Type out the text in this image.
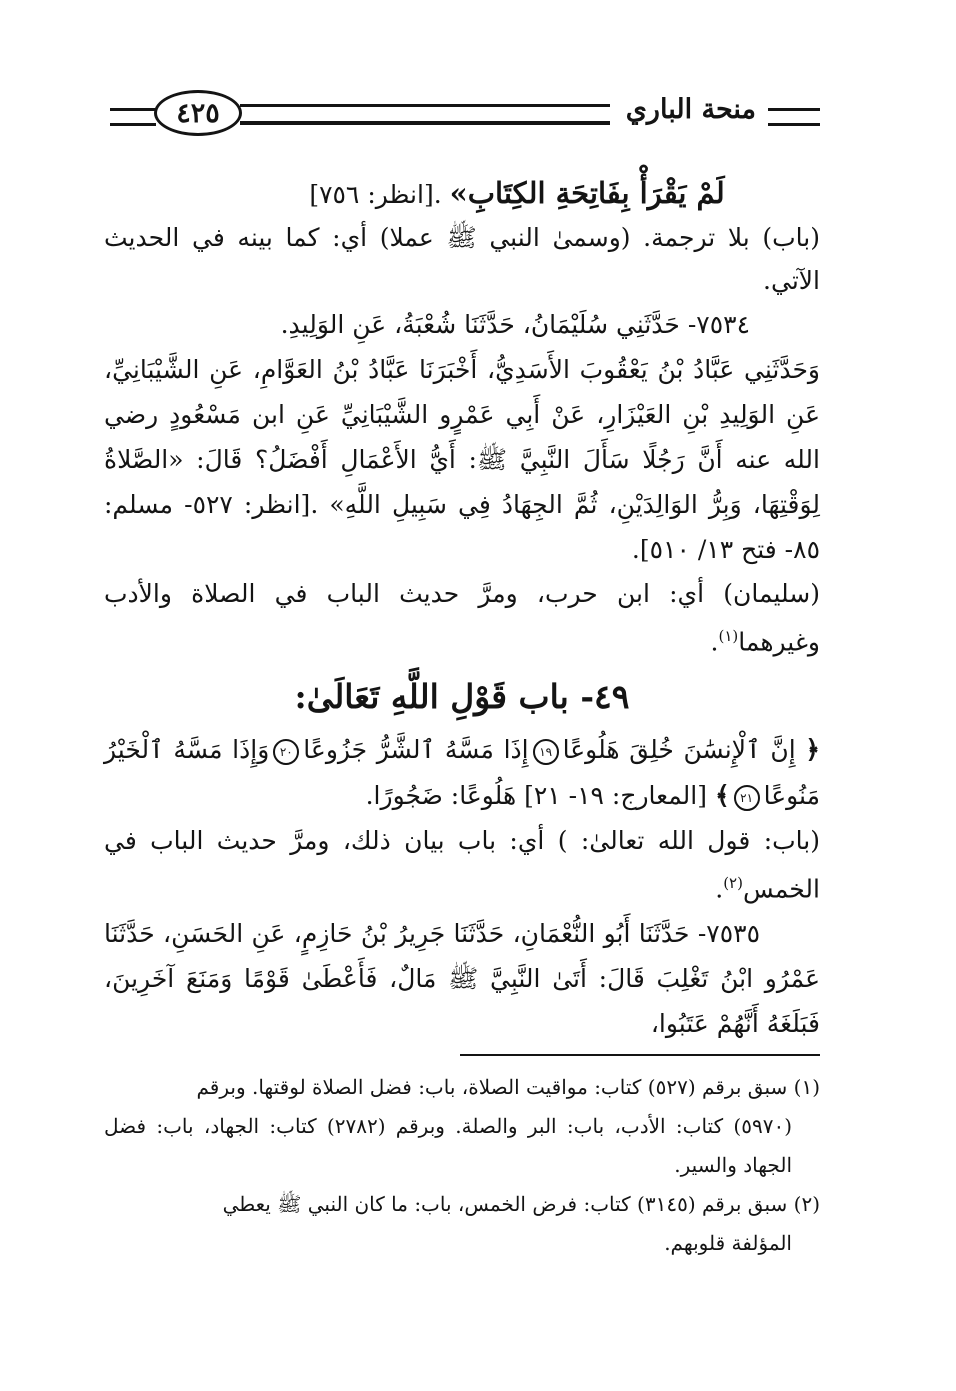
منحة الباري
٤٢٥

لَمْ يَقْرَأْ بِفَاتِحَةِ الكِتَابِ» .[انظر: ٧٥٦]

(باب) بلا ترجمة. (وسمىٰ النبي ﷺ عملا) أي: كما بينه في الحديث الآتي.

٧٥٣٤- حَدَّثَنِي سُلَيْمَانُ، حَدَّثَنَا شُعْبَةُ، عَنِ الوَلِيدِ.

وَحَدَّثَنِي عَبَّادُ بْنُ يَعْقُوبَ الأَسَدِيُّ، أَخْبَرَنَا عَبَّادُ بْنُ العَوَّامِ، عَنِ الشَّيْبَانِيِّ، عَنِ الوَلِيدِ بْنِ العَيْزَارِ، عَنْ أَبِي عَمْرٍو الشَّيْبَانِيِّ عَنِ ابن مَسْعُودٍ رضي الله عنه أَنَّ رَجُلًا سَأَلَ النَّبِيَّ ﷺ: أَيُّ الأَعْمَالِ أَفْضَلُ؟ قَالَ: «الصَّلاةُ لِوَقْتِهَا، وَبِرُّ الوَالِدَيْنِ، ثُمَّ الجِهَادُ فِي سَبِيلِ اللَّهِ» .[انظر: ٥٢٧- مسلم: ٨٥- فتح ١٣/ ٥١٠].

(سليمان) أي: ابن حرب، ومرَّ حديث الباب في الصلاة والأدب وغيرهما$^{(١)}$.

٤٩- باب قَوْلِ اللَّهِ تَعَالَىٰ:

﴿ إِنَّ ٱلْإِنسَٰنَ خُلِقَ هَلُوعًا١٩إِذَا مَسَّهُ ٱلشَّرُّ جَزُوعًا٢٠وَإِذَا مَسَّهُ ٱلْخَيْرُ مَنُوعًا٢١﴾ [المعارج: ١٩- ٢١] هَلُوعًا: ضَجُورًا.

(باب: قول الله تعالىٰ: ) أي: باب بيان ذلك، ومرَّ حديث الباب في الخمس$^{(٢)}$.

٧٥٣٥- حَدَّثَنَا أَبُو النُّعْمَانِ، حَدَّثَنَا جَرِيرُ بْنُ حَازِمٍ، عَنِ الحَسَنِ، حَدَّثَنَا عَمْرُو ابْنُ تَغْلِبَ قَالَ: أَتَىٰ النَّبِيَّ ﷺ مَالٌ، فَأَعْطَىٰ قَوْمًا وَمَنَعَ آخَرِينَ، فَبَلَغَهُ أَنَّهُمْ عَتَبُوا،

(١) سبق برقم (٥٢٧) كتاب: مواقيت الصلاة، باب: فضل الصلاة لوقتها. وبرقم

(٥٩٧٠) كتاب: الأدب، باب: البر والصلة. وبرقم (٢٧٨٢) كتاب: الجهاد، باب: فضل الجهاد والسير.

(٢) سبق برقم (٣١٤٥) كتاب: فرض الخمس، باب: ما كان النبي ﷺ يعطي

المؤلفة قلوبهم.
